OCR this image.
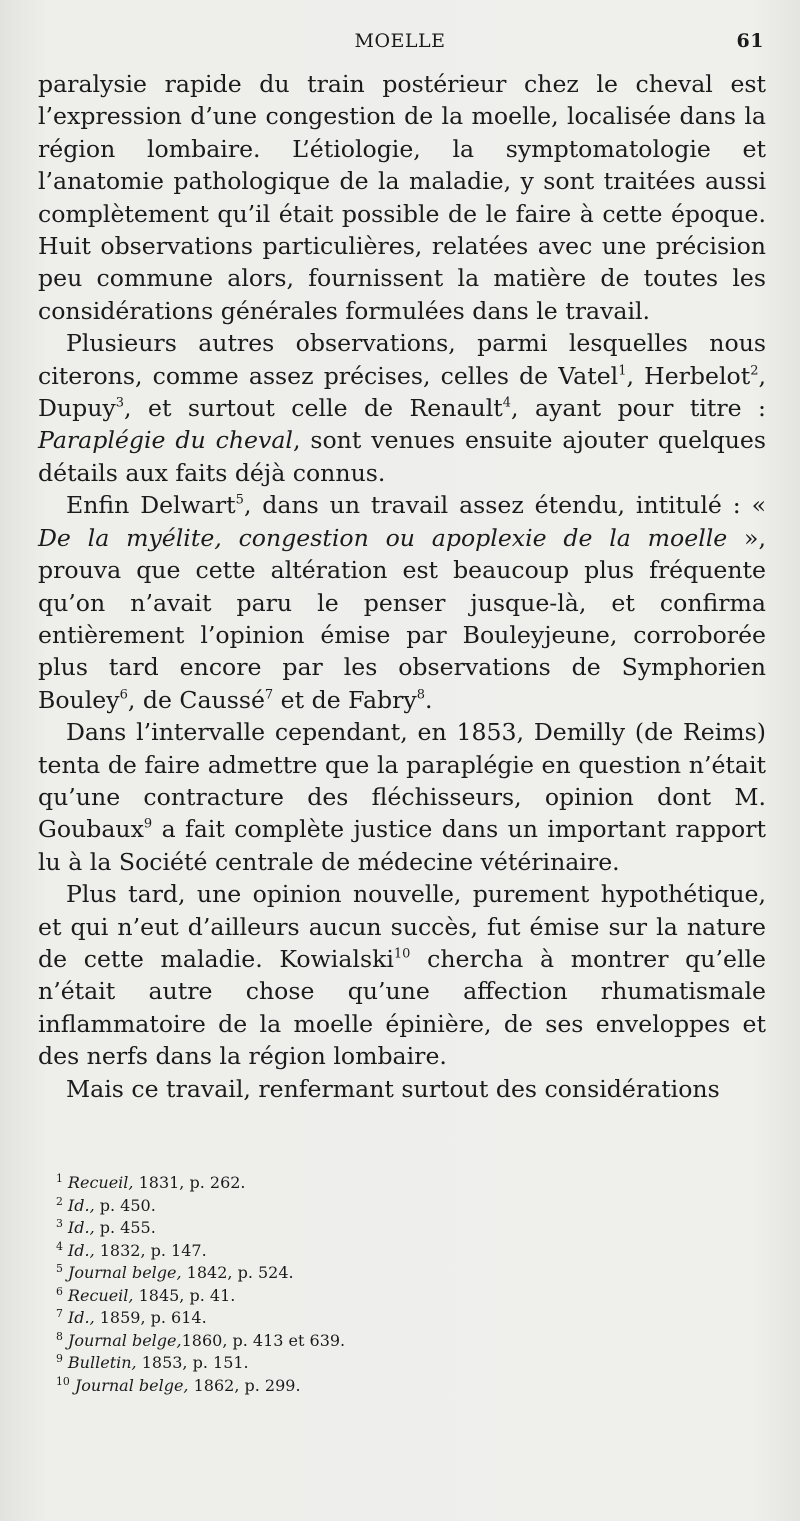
MOELLE	61

paralysie rapide du train postérieur chez le cheval est l’expression d’une congestion de la moelle, localisée dans la région lombaire. L’étiologie, la symptomatologie et l’anatomie pathologique de la maladie, y sont traitées aussi complètement qu’il était possible de le faire à cette époque. Huit observations particulières, relatées avec une précision peu commune alors, fournissent la matière de toutes les considérations générales formulées dans le travail.

Plusieurs autres observations, parmi lesquelles nous citerons, comme assez précises, celles de Vatel$^1$, Herbelot$^2$, Dupuy$^3$, et surtout celle de Renault$^4$, ayant pour titre : Paraplégie du cheval, sont venues ensuite ajouter quelques détails aux faits déjà connus.

Enfin Delwart$^5$, dans un travail assez étendu, intitulé : « De la myélite, congestion ou apoplexie de la moelle », prouva que cette altération est beaucoup plus fréquente qu’on n’avait paru le penser jusque-là, et confirma entièrement l’opinion émise par Bouleyjeune, corroborée plus tard encore par les observations de Symphorien Bouley$^6$, de Caussé$^7$ et de Fabry$^8$.

Dans l’intervalle cependant, en 1853, Demilly (de Reims) tenta de faire admettre que la paraplégie en question n’était qu’une contracture des fléchisseurs, opinion dont M. Goubaux$^9$ a fait complète justice dans un important rapport lu à la Société centrale de médecine vétérinaire.

Plus tard, une opinion nouvelle, purement hypothétique, et qui n’eut d’ailleurs aucun succès, fut émise sur la nature de cette maladie. Kowialski$^{10}$ chercha à montrer qu’elle n’était autre chose qu’une affection rhumatismale inflammatoire de la moelle épinière, de ses enveloppes et des nerfs dans la région lombaire.

Mais ce travail, renfermant surtout des considérations

$^1$ Recueil, 1831, p. 262.
$^2$ Id., p. 450.
$^3$ Id., p. 455.
$^4$ Id., 1832, p. 147.
$^5$ Journal belge, 1842, p. 524.
$^6$ Recueil, 1845, p. 41.
$^7$ Id., 1859, p. 614.
$^8$ Journal belge,1860, p. 413 et 639.
$^9$ Bulletin, 1853, p. 151.
$^{10}$ Journal belge, 1862, p. 299.
